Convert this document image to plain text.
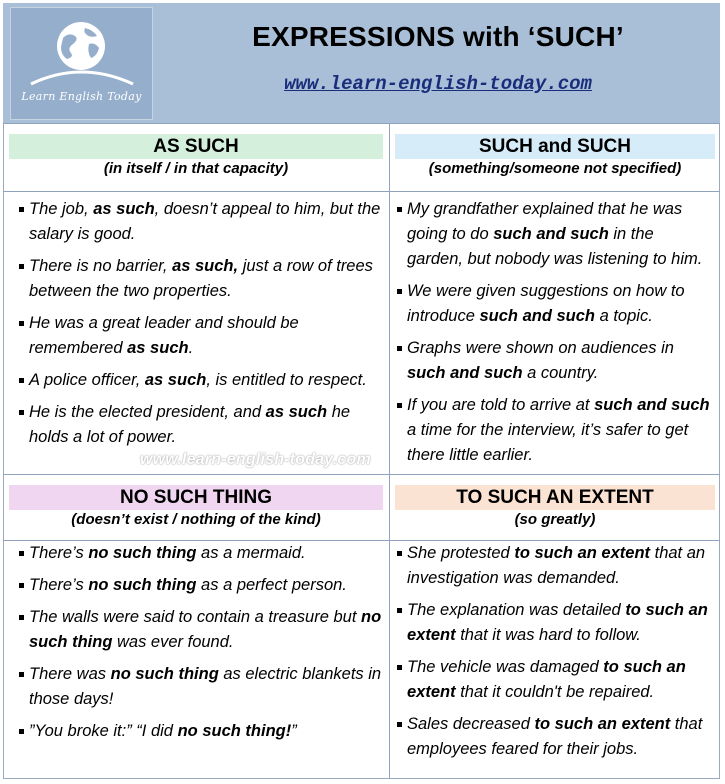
Learn English Today
EXPRESSIONS with ‘SUCH’
www.learn-english-today.com
AS SUCH
(in itself / in that capacity)
The job, as such, doesn’t appeal to him, but the salary is good.
There is no barrier, as such, just a row of trees between the two properties.
He was a great leader and should be remembered as such.
A police officer, as such, is entitled to respect.
He is the elected president, and as such he holds a lot of power.
SUCH and SUCH
(something/someone not specified)
My grandfather explained that he was going to do such and such in the garden, but nobody was listening to him.
We were given suggestions on how to introduce such and such a topic.
Graphs were shown on audiences in such and such a country.
If you are told to arrive at such and such a time for the interview, it’s safer to get there little earlier.
www.learn-english-today.com
NO SUCH THING
(doesn’t exist / nothing of the kind)
There’s no such thing as a mermaid.
There’s no such thing as a perfect person.
The walls were said to contain a treasure but no such thing was ever found.
There was no such thing as electric blankets in those days!
”You broke it:” “I did no such thing!”
TO SUCH AN EXTENT
(so greatly)
She protested to such an extent that an investigation was demanded.
The explanation was detailed to such an extent that it was hard to follow.
The vehicle was damaged to such an extent that it couldn't be repaired.
Sales decreased to such an extent that employees feared for their jobs.
